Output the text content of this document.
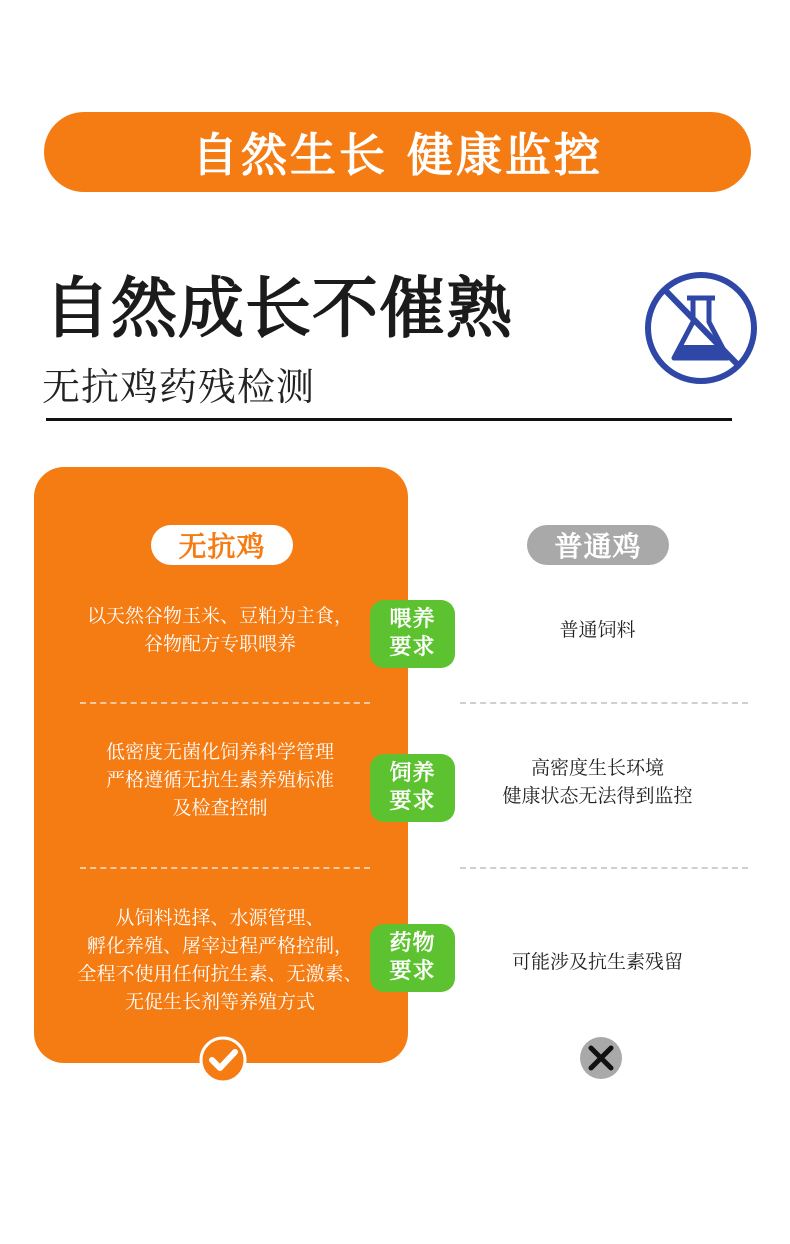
自然生长 健康监控
自然成长不催熟
无抗鸡药残检测
无抗鸡	普通鸡
以天然谷物玉米、豆粕为主食，
谷物配方专职喂养
喂养
要求
普通饲料
低密度无菌化饲养科学管理
严格遵循无抗生素养殖标准
及检查控制
饲养
要求
高密度生长环境
健康状态无法得到监控
从饲料选择、水源管理、
孵化养殖、屠宰过程严格控制，
全程不使用任何抗生素、无激素、
无促生长剂等养殖方式
药物
要求	可能涉及抗生素残留
